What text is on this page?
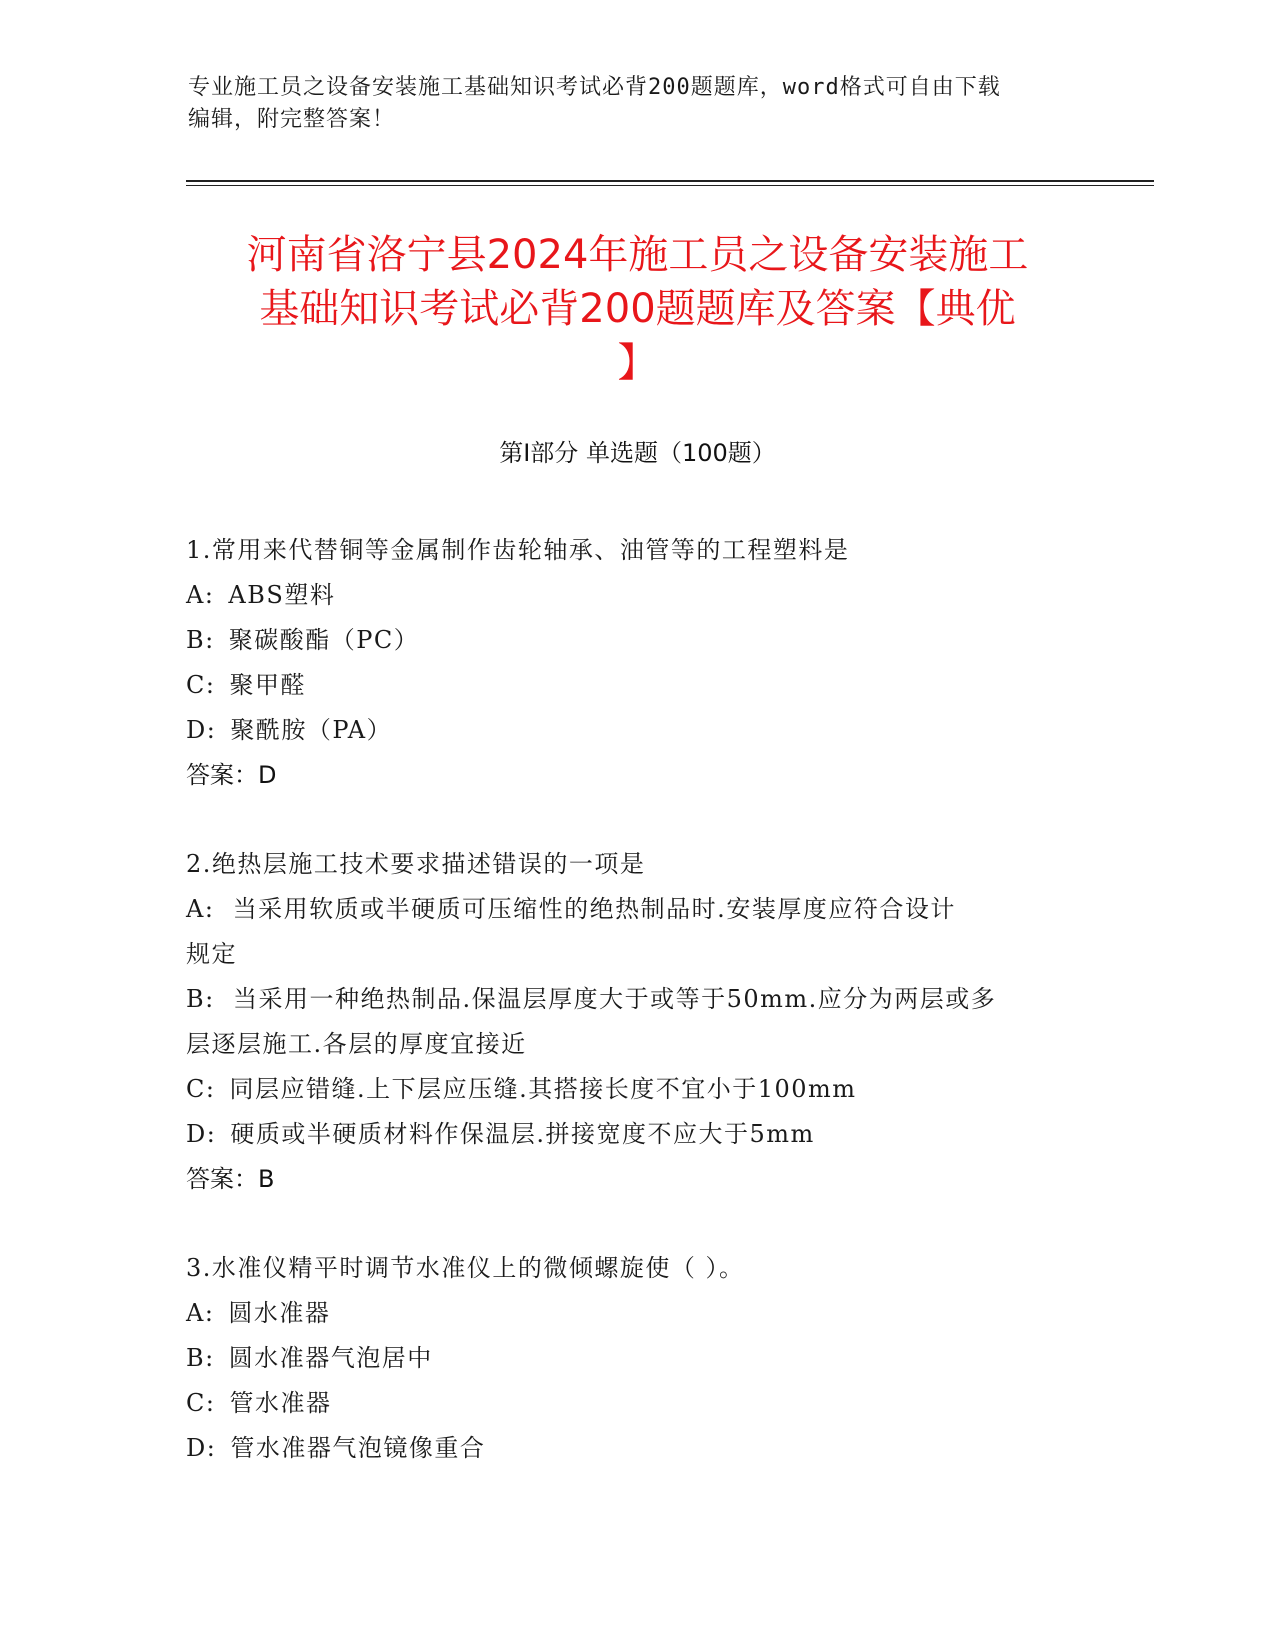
专业施工员之设备安装施工基础知识考试必背200题题库，word格式可自由下载
编辑，附完整答案！
河南省洛宁县2024年施工员之设备安装施工
基础知识考试必背200题题库及答案【典优
】
第Ⅰ部分 单选题（100题）
1.常用来代替铜等金属制作齿轮轴承、油管等的工程塑料是
A: ABS塑料
B: 聚碳酸酯（PC）
C: 聚甲醛
D: 聚酰胺（PA）
答案：D
2.绝热层施工技术要求描述错误的一项是
A: 当采用软质或半硬质可压缩性的绝热制品时.安装厚度应符合设计
规定
B: 当采用一种绝热制品.保温层厚度大于或等于50mm.应分为两层或多
层逐层施工.各层的厚度宜接近
C: 同层应错缝.上下层应压缝.其搭接长度不宜小于100mm
D: 硬质或半硬质材料作保温层.拼接宽度不应大于5mm
答案：B
3.水准仪精平时调节水准仪上的微倾螺旋使（ ）。
A: 圆水准器
B: 圆水准器气泡居中
C: 管水准器
D: 管水准器气泡镜像重合
